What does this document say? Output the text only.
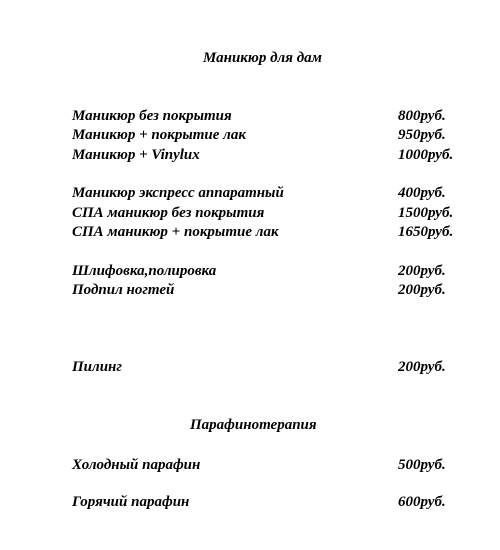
Маникюр для дам
Маникюр без покрытия	800руб.
Маникюр + покрытие лак	950руб.
Маникюр + Vinylux	1000руб.
Маникюр экспресс аппаратный	400руб.
СПА маникюр без покрытия	1500руб.
СПА маникюр + покрытие лак	1650руб.
Шлифовка,полировка	200руб.
Подпил ногтей	200руб.
Пилинг	200руб.
Парафинотерапия
Холодный парафин	500руб.
Горячий парафин	600руб.
